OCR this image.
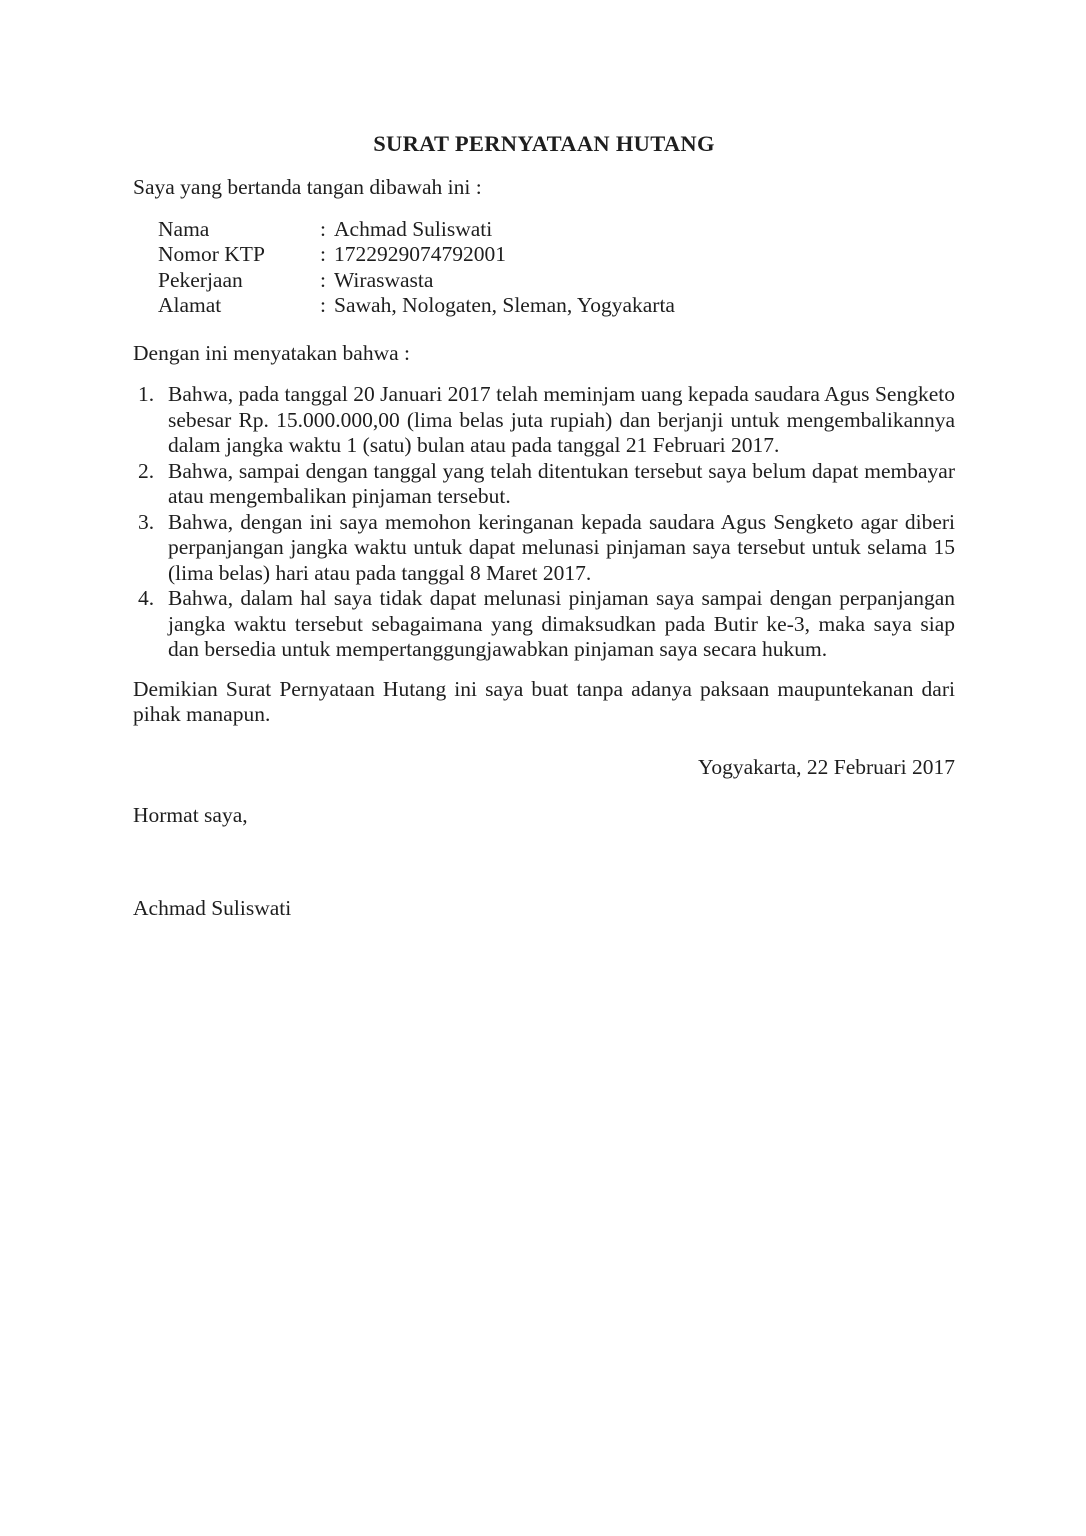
SURAT PERNYATAAN HUTANG
Saya yang bertanda tangan dibawah ini :
Nama	: Achmad Suliswati
Nomor KTP	: 1722929074792001
Pekerjaan	: Wiraswasta
Alamat	: Sawah, Nologaten, Sleman, Yogyakarta
Dengan ini menyatakan bahwa :
1. Bahwa, pada tanggal 20 Januari 2017 telah meminjam uang kepada saudara Agus Sengketo sebesar Rp. 15.000.000,00 (lima belas juta rupiah) dan berjanji untuk mengembalikannya dalam jangka waktu 1 (satu) bulan atau pada tanggal 21 Februari 2017.
2. Bahwa, sampai dengan tanggal yang telah ditentukan tersebut saya belum dapat membayar atau mengembalikan pinjaman tersebut.
3. Bahwa, dengan ini saya memohon keringanan kepada saudara Agus Sengketo agar diberi perpanjangan jangka waktu untuk dapat melunasi pinjaman saya tersebut untuk selama 15 (lima belas) hari atau pada tanggal 8 Maret 2017.
4. Bahwa, dalam hal saya tidak dapat melunasi pinjaman saya sampai dengan perpanjangan jangka waktu tersebut sebagaimana yang dimaksudkan pada Butir ke-3, maka saya siap dan bersedia untuk mempertanggungjawabkan pinjaman saya secara hukum.
Demikian Surat Pernyataan Hutang ini saya buat tanpa adanya paksaan maupuntekanan dari pihak manapun.
Yogyakarta, 22 Februari 2017
Hormat saya,
Achmad Suliswati
